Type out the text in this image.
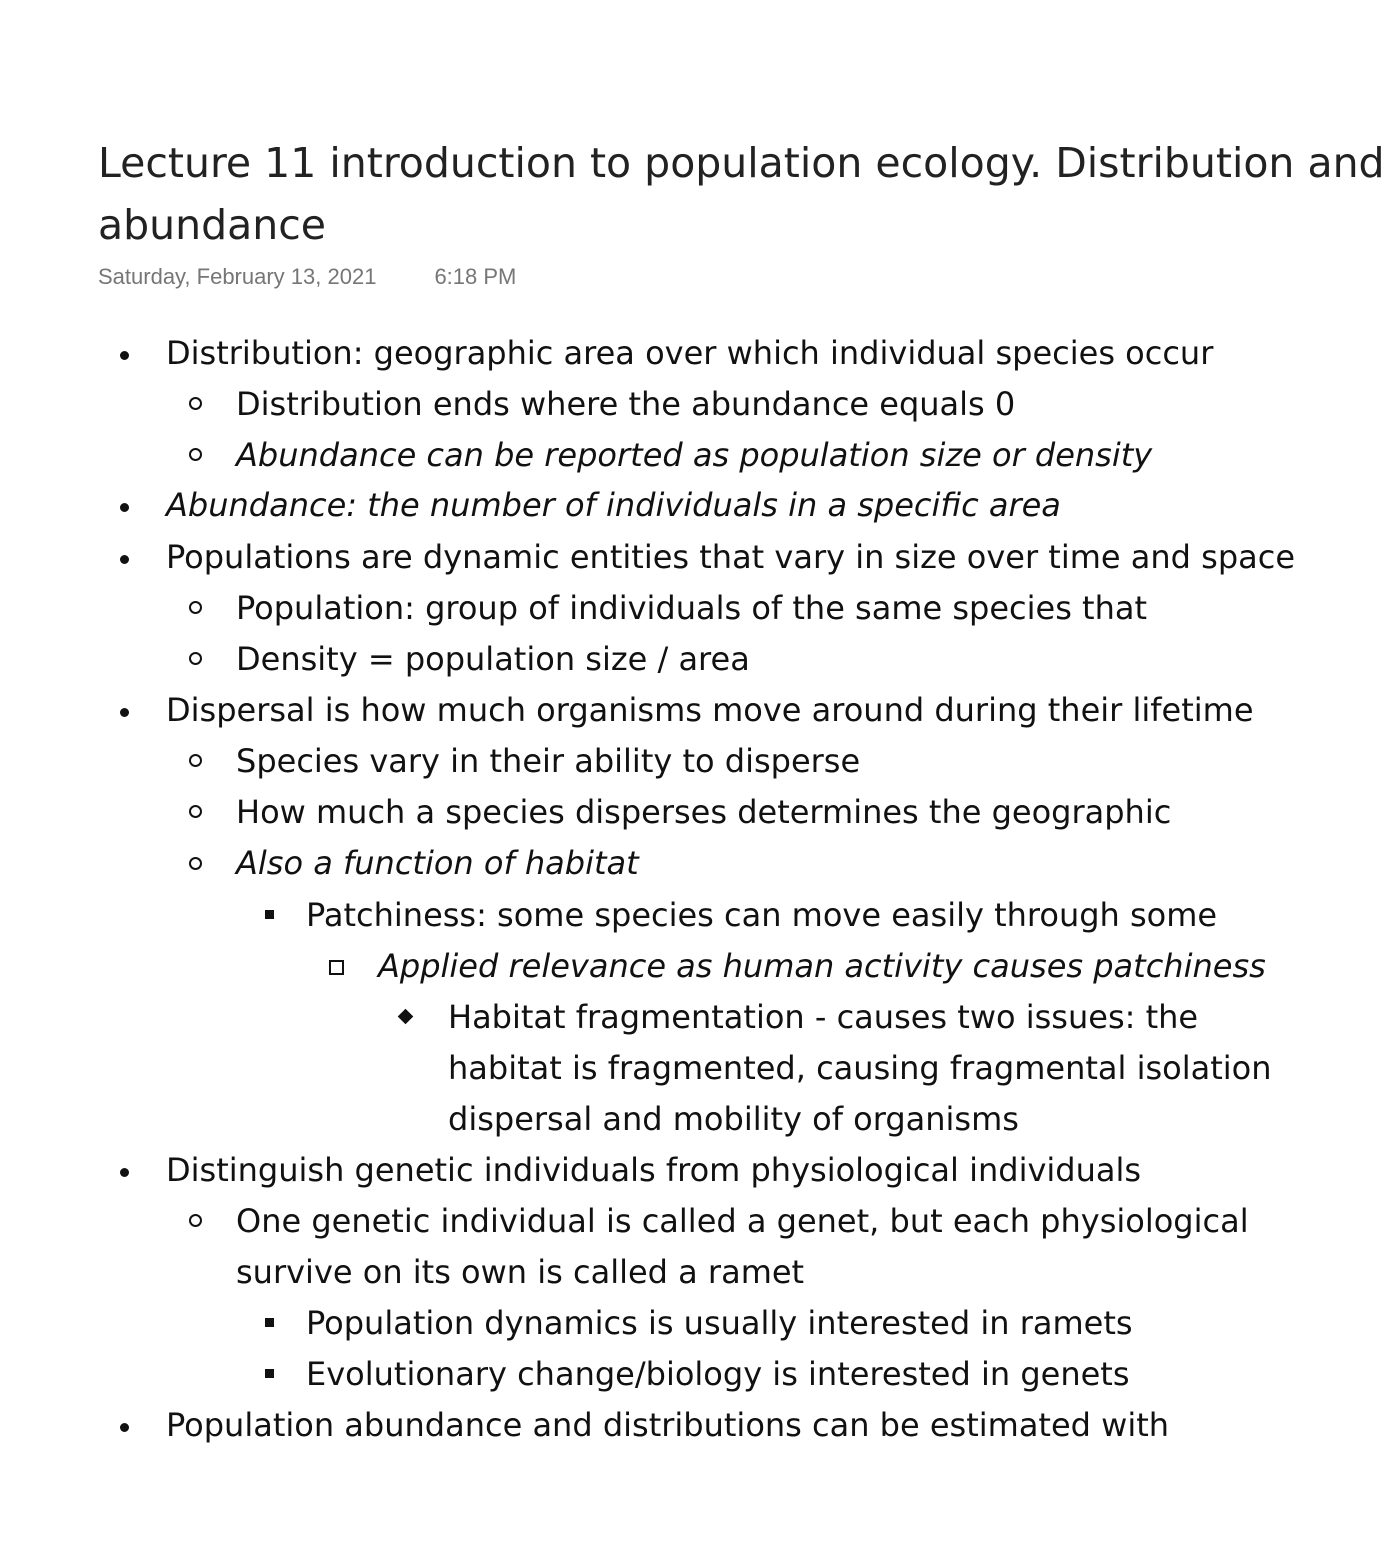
Lecture 11 introduction to population ecology. Distribution and abundance
Saturday, February 13, 2021	6:18 PM
Distribution: geographic area over which individual species occur
Distribution ends where the abundance equals 0
Abundance can be reported as population size or density
Abundance: the number of individuals in a specific area
Populations are dynamic entities that vary in size over time and space
Population: group of individuals of the same species that
Density = population size / area
Dispersal is how much organisms move around during their lifetime
Species vary in their ability to disperse
How much a species disperses determines the geographic
Also a function of habitat
Patchiness: some species can move easily through some
Applied relevance as human activity causes patchiness
Habitat fragmentation - causes two issues: the
habitat is fragmented, causing fragmental isolation
dispersal and mobility of organisms
Distinguish genetic individuals from physiological individuals
One genetic individual is called a genet, but each physiological
survive on its own is called a ramet
Population dynamics is usually interested in ramets
Evolutionary change/biology is interested in genets
Population abundance and distributions can be estimated with
